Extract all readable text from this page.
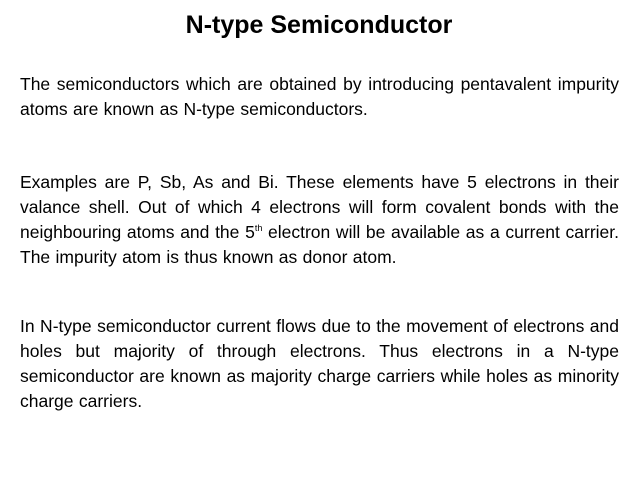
N-type Semiconductor
The semiconductors which are obtained by introducing pentavalent impurity atoms are known as N-type semiconductors.
Examples are P, Sb, As and Bi. These elements have 5 electrons in their valance shell. Out of which 4 electrons will form covalent bonds with the neighbouring atoms and the 5th electron will be available as a current carrier. The impurity atom is thus known as donor atom.
In N-type semiconductor current flows due to the movement of electrons and holes but majority of through electrons. Thus electrons in a N-type semiconductor are known as majority charge carriers while holes as minority charge carriers.
